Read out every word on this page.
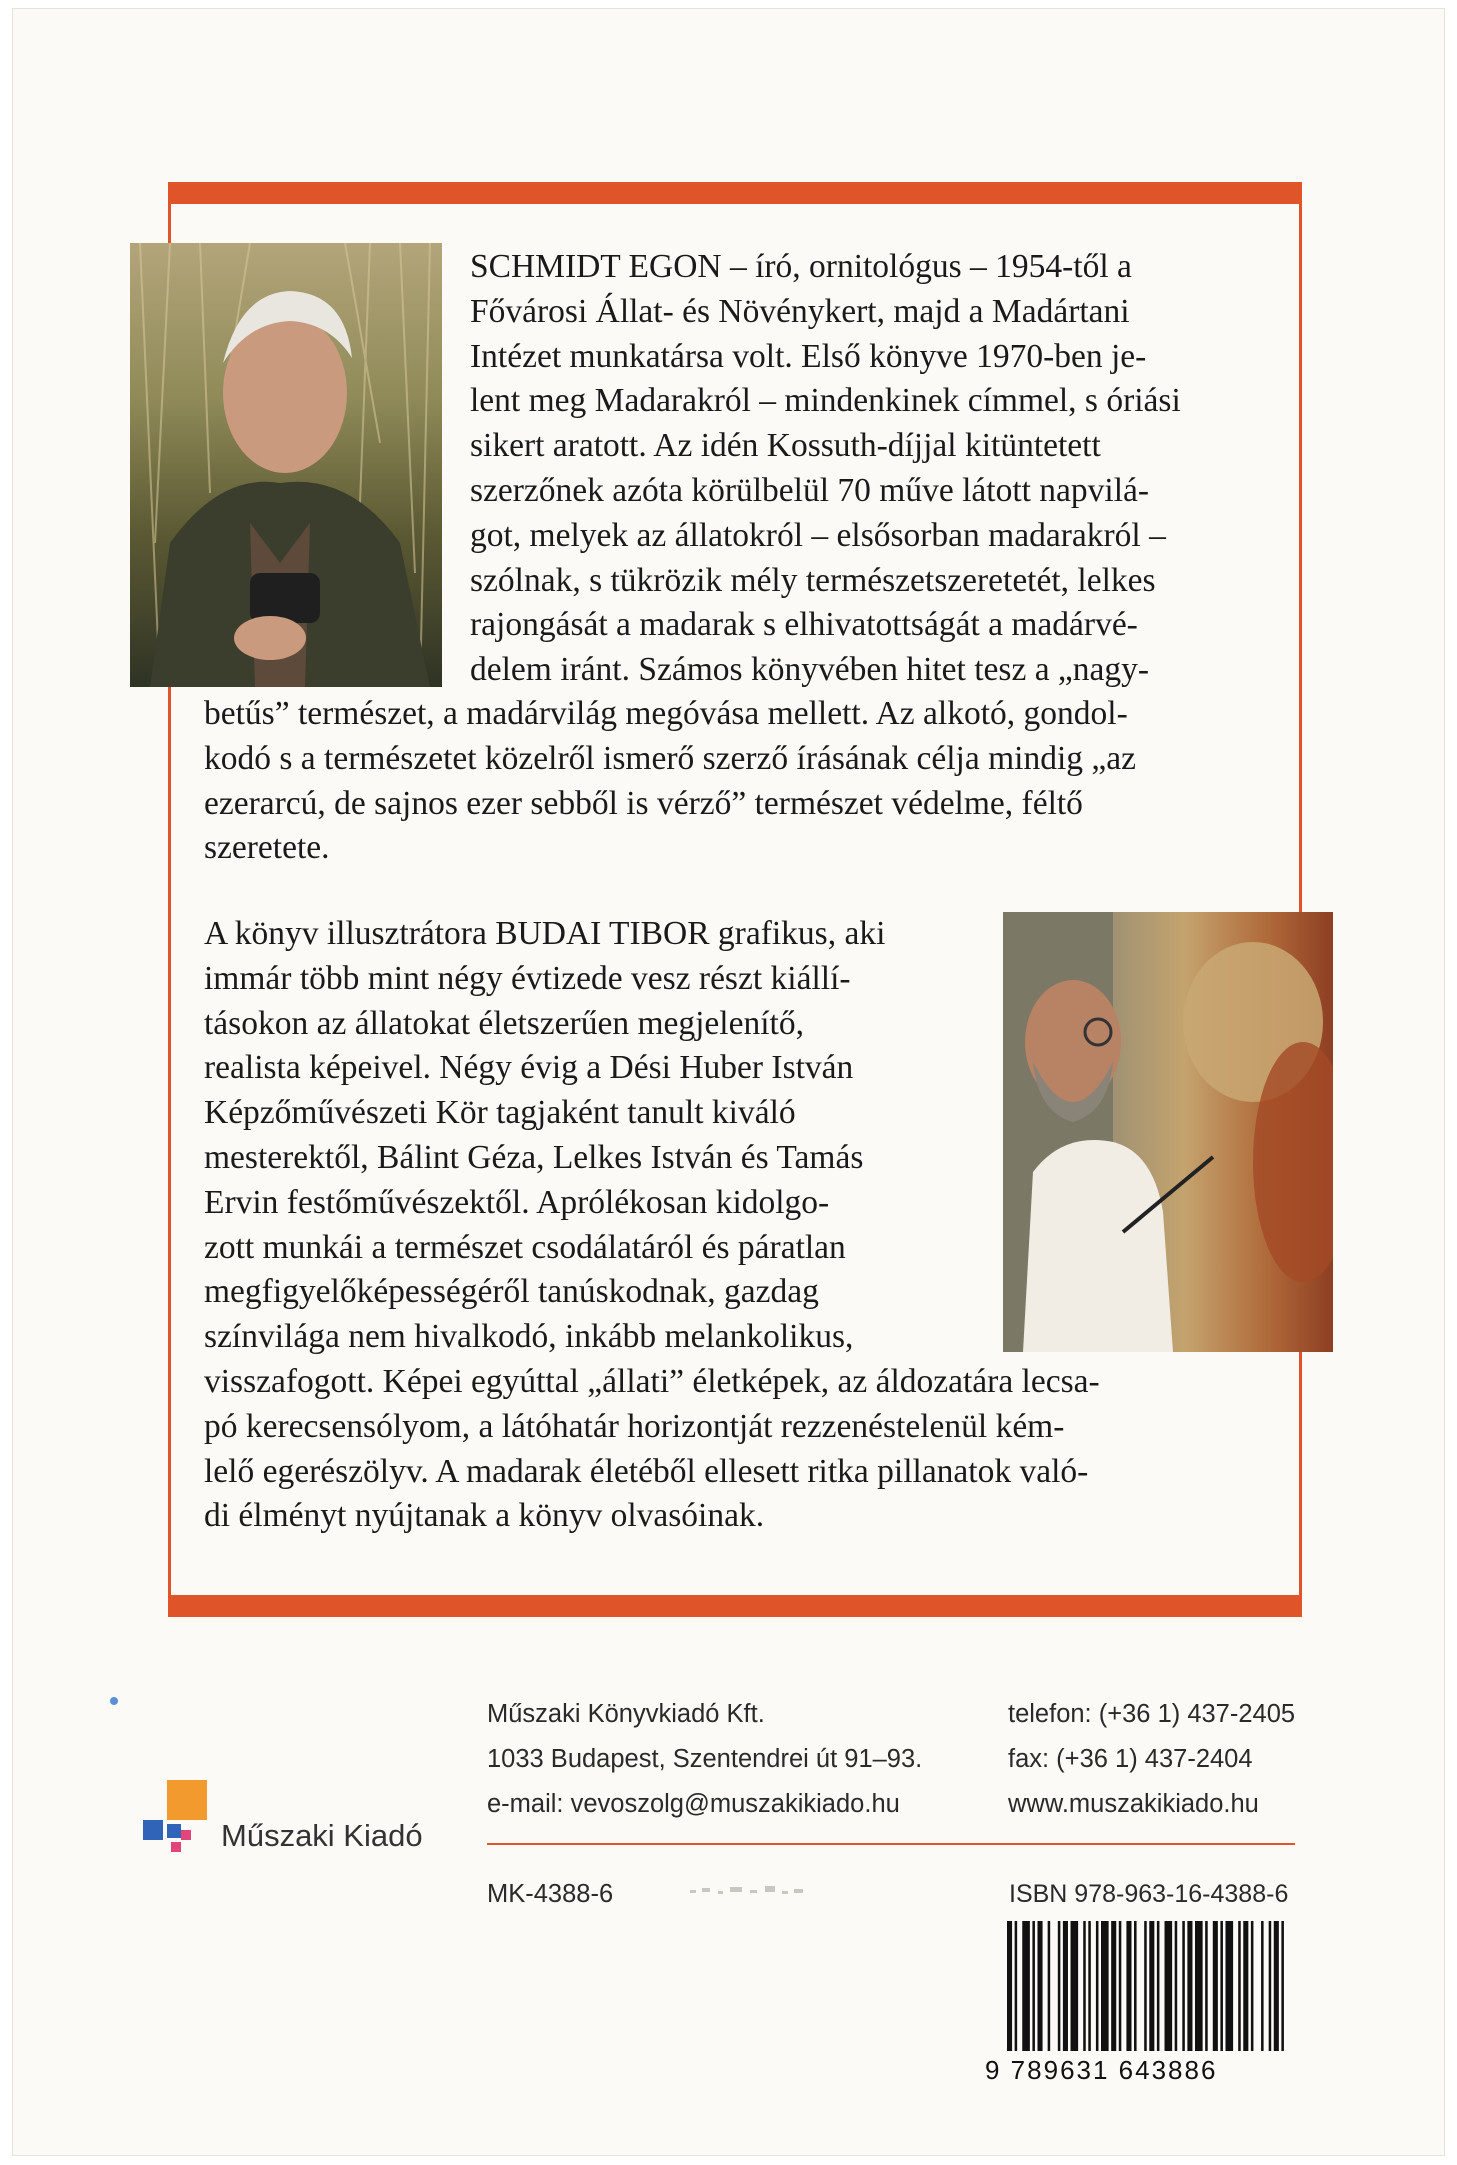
SCHMIDT EGON – író, ornitológus – 1954-től a

Fővárosi Állat- és Növénykert, majd a Madártani

Intézet munkatársa volt. Első könyve 1970-ben je-

lent meg Madarakról – mindenkinek címmel, s óriási

sikert aratott. Az idén Kossuth-díjjal kitüntetett

szerzőnek azóta körülbelül 70 műve látott napvilá-

got, melyek az állatokról – elsősorban madarakról –

szólnak, s tükrözik mély természetszeretetét, lelkes

rajongását a madarak s elhivatottságát a madárvé-

delem iránt. Számos könyvében hitet tesz a „nagy-

betűs” természet, a madárvilág megóvása mellett. Az alkotó, gondol-

kodó s a természetet közelről ismerő szerző írásának célja mindig „az

ezerarcú, de sajnos ezer sebből is vérző” természet védelme, féltő

szeretete.

A könyv illusztrátora BUDAI TIBOR grafikus, aki

immár több mint négy évtizede vesz részt kiállí-

tásokon az állatokat életszerűen megjelenítő,

realista képeivel. Négy évig a Dési Huber István

Képzőművészeti Kör tagjaként tanult kiváló

mesterektől, Bálint Géza, Lelkes István és Tamás

Ervin festőművészektől. Aprólékosan kidolgo-

zott munkái a természet csodálatáról és páratlan

megfigyelőképességéről tanúskodnak, gazdag

színvilága nem hivalkodó, inkább melankolikus,

visszafogott. Képei egyúttal „állati” életképek, az áldozatára lecsa-

pó kerecsensólyom, a látóhatár horizontját rezzenéstelenül kém-

lelő egerészölyv. A madarak életéből ellesett ritka pillanatok való-

di élményt nyújtanak a könyv olvasóinak.

Műszaki Kiadó
Műszaki Könyvkiadó Kft.
1033 Budapest, Szentendrei út 91–93.
e-mail: vevoszolg@muszakikiado.hu
telefon: (+36 1) 437-2405
fax: (+36 1) 437-2404
www.muszakikiado.hu
MK-4388-6	ISBN 978-963-16-4388-6
9 789631 643886
